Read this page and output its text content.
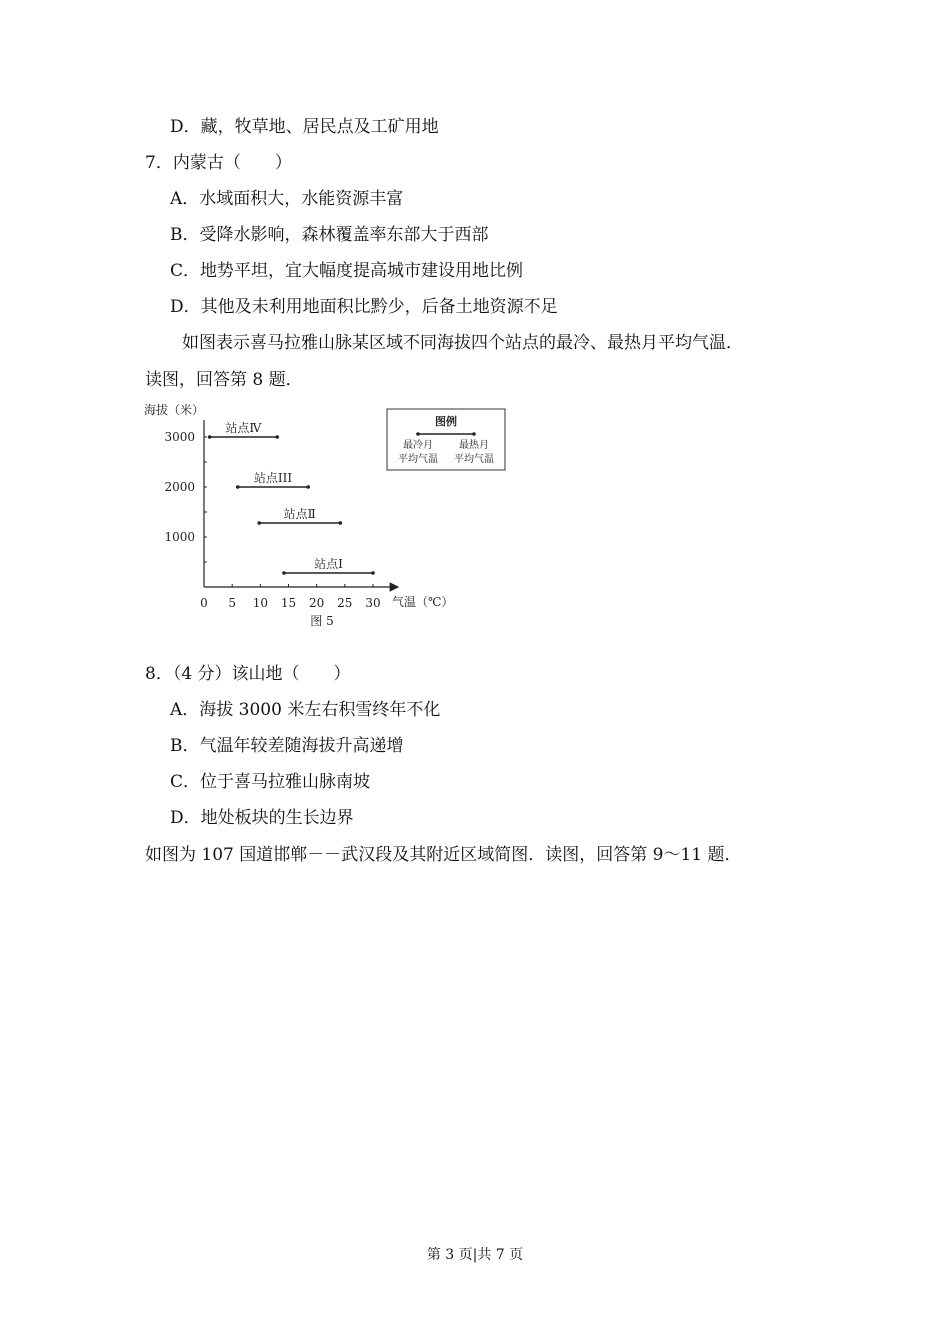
D．藏，牧草地、居民点及工矿用地
7．内蒙古（　　）
A．水域面积大，水能资源丰富
B．受降水影响，森林覆盖率东部大于西部
C．地势平坦，宜大幅度提高城市建设用地比例
D．其他及未利用地面积比黔少，后备土地资源不足
如图表示喜马拉雅山脉某区域不同海拔四个站点的最冷、最热月平均气温．
读图，回答第 8 题．
海拔（米）
气温（℃）
图 5
0 5 10 15 20 25 30
1000
2000
3000
站点Ⅳ
站点III
站点Ⅱ
站点Ⅰ
图例
最冷月
平均气温
最热月
平均气温
8．（4 分）该山地（　　）
A．海拔 3000 米左右积雪终年不化
B．气温年较差随海拔升高递增
C．位于喜马拉雅山脉南坡
D．地处板块的生长边界
如图为 107 国道邯郸－－武汉段及其附近区域简图．读图，回答第 9～11 题．
第 3 页|共 7 页
